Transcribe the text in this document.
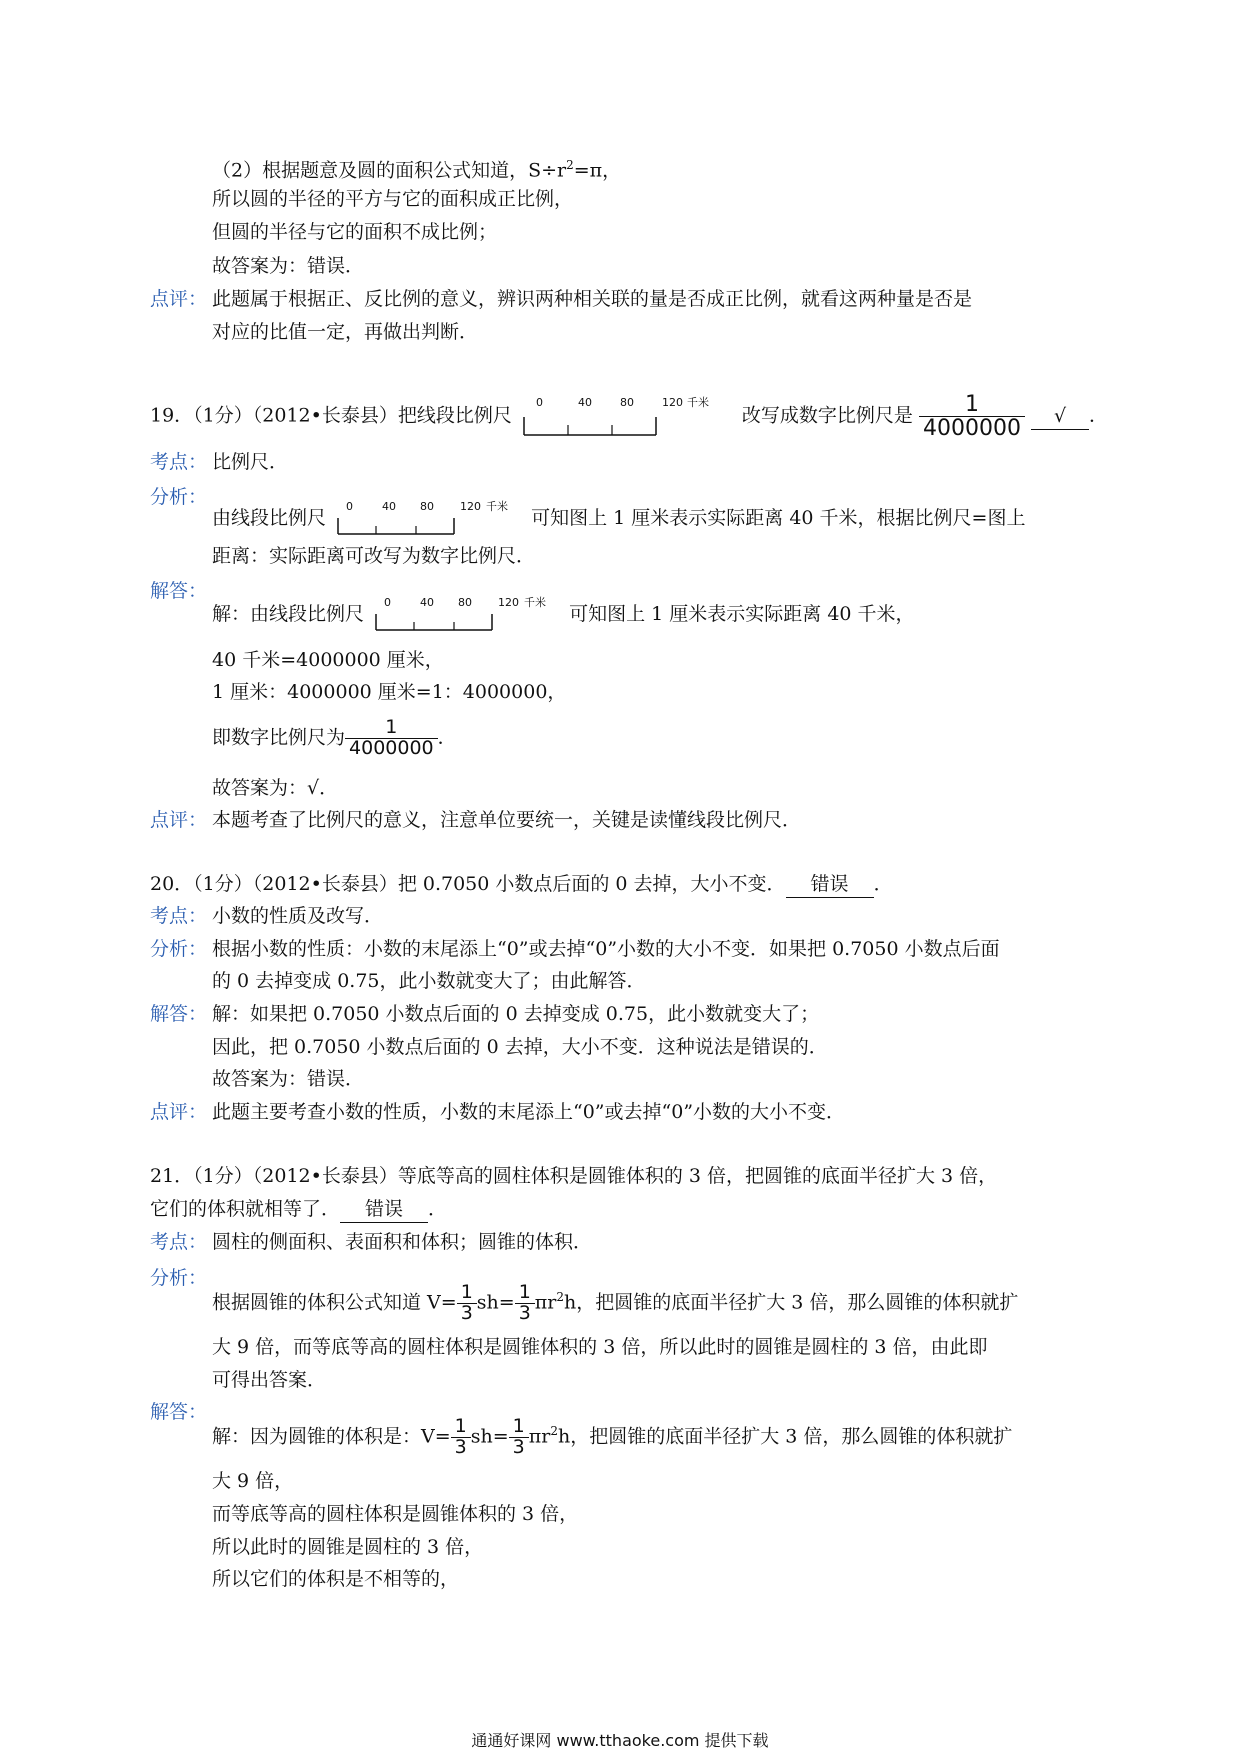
（2）根据题意及圆的面积公式知道，$S\div r^2=\pi$，
所以圆的半径的平方与它的面积成正比例，
但圆的半径与它的面积不成比例；
故答案为：错误．
点评： 此题属于根据正、反比例的意义，辨识两种相关联的量是否成正比例，就看这两种量是否是
对应的比值一定，再做出判断．
19．（1分）（2012•长泰县）把线段比例尺
0	40	80	120 千米
改写成数字比例尺是 $\frac{1}{4000000}$ √ ．
考点： 比例尺．
分析：
由线段比例尺
0	40 80 120 千米
可知图上 1 厘米表示实际距离 40 千米，根据比例尺=图上
距离：实际距离可改写为数字比例尺．
解答：
解：由线段比例尺
0	40 80 120 千米
可知图上 1 厘米表示实际距离 40 千米，
40 千米=4000000 厘米，
1 厘米：4000000 厘米=1：4000000，
即数字比例尺为 $\frac{1}{4000000}$ ．
故答案为：√．
点评： 本题考查了比例尺的意义，注意单位要统一，关键是读懂线段比例尺．
20．（1分）（2012•长泰县）把 0.7050 小数点后面的 0 去掉，大小不变． 错误 ．
考点： 小数的性质及改写．
分析： 根据小数的性质：小数的末尾添上“0”或去掉“0”小数的大小不变．如果把 0.7050 小数点后面
的 0 去掉变成 0.75，此小数就变大了；由此解答．
解答： 解：如果把 0.7050 小数点后面的 0 去掉变成 0.75，此小数就变大了；
因此，把 0.7050 小数点后面的 0 去掉，大小不变．这种说法是错误的．
故答案为：错误．
点评： 此题主要考查小数的性质，小数的末尾添上“0”或去掉“0”小数的大小不变．
21．（1分）（2012•长泰县）等底等高的圆柱体积是圆锥体积的 3 倍，把圆锥的底面半径扩大 3 倍，
它们的体积就相等了． 错误 ．
考点： 圆柱的侧面积、表面积和体积；圆锥的体积．
分析：
根据圆锥的体积公式知道 $V= \frac{1}{3} sh= \frac{1}{3} \pi r^2h$，把圆锥的底面半径扩大 3 倍，那么圆锥的体积就扩
大 9 倍，而等底等高的圆柱体积是圆锥体积的 3 倍，所以此时的圆锥是圆柱的 3 倍，由此即
可得出答案．
解答：
解：因为圆锥的体积是：$V= \frac{1}{3} sh= \frac{1}{3} \pi r^2h$，把圆锥的底面半径扩大 3 倍，那么圆锥的体积就扩
大 9 倍，
而等底等高的圆柱体积是圆锥体积的 3 倍，
所以此时的圆锥是圆柱的 3 倍，
所以它们的体积是不相等的，
通通好课网 www.tthaoke.com 提供下载
